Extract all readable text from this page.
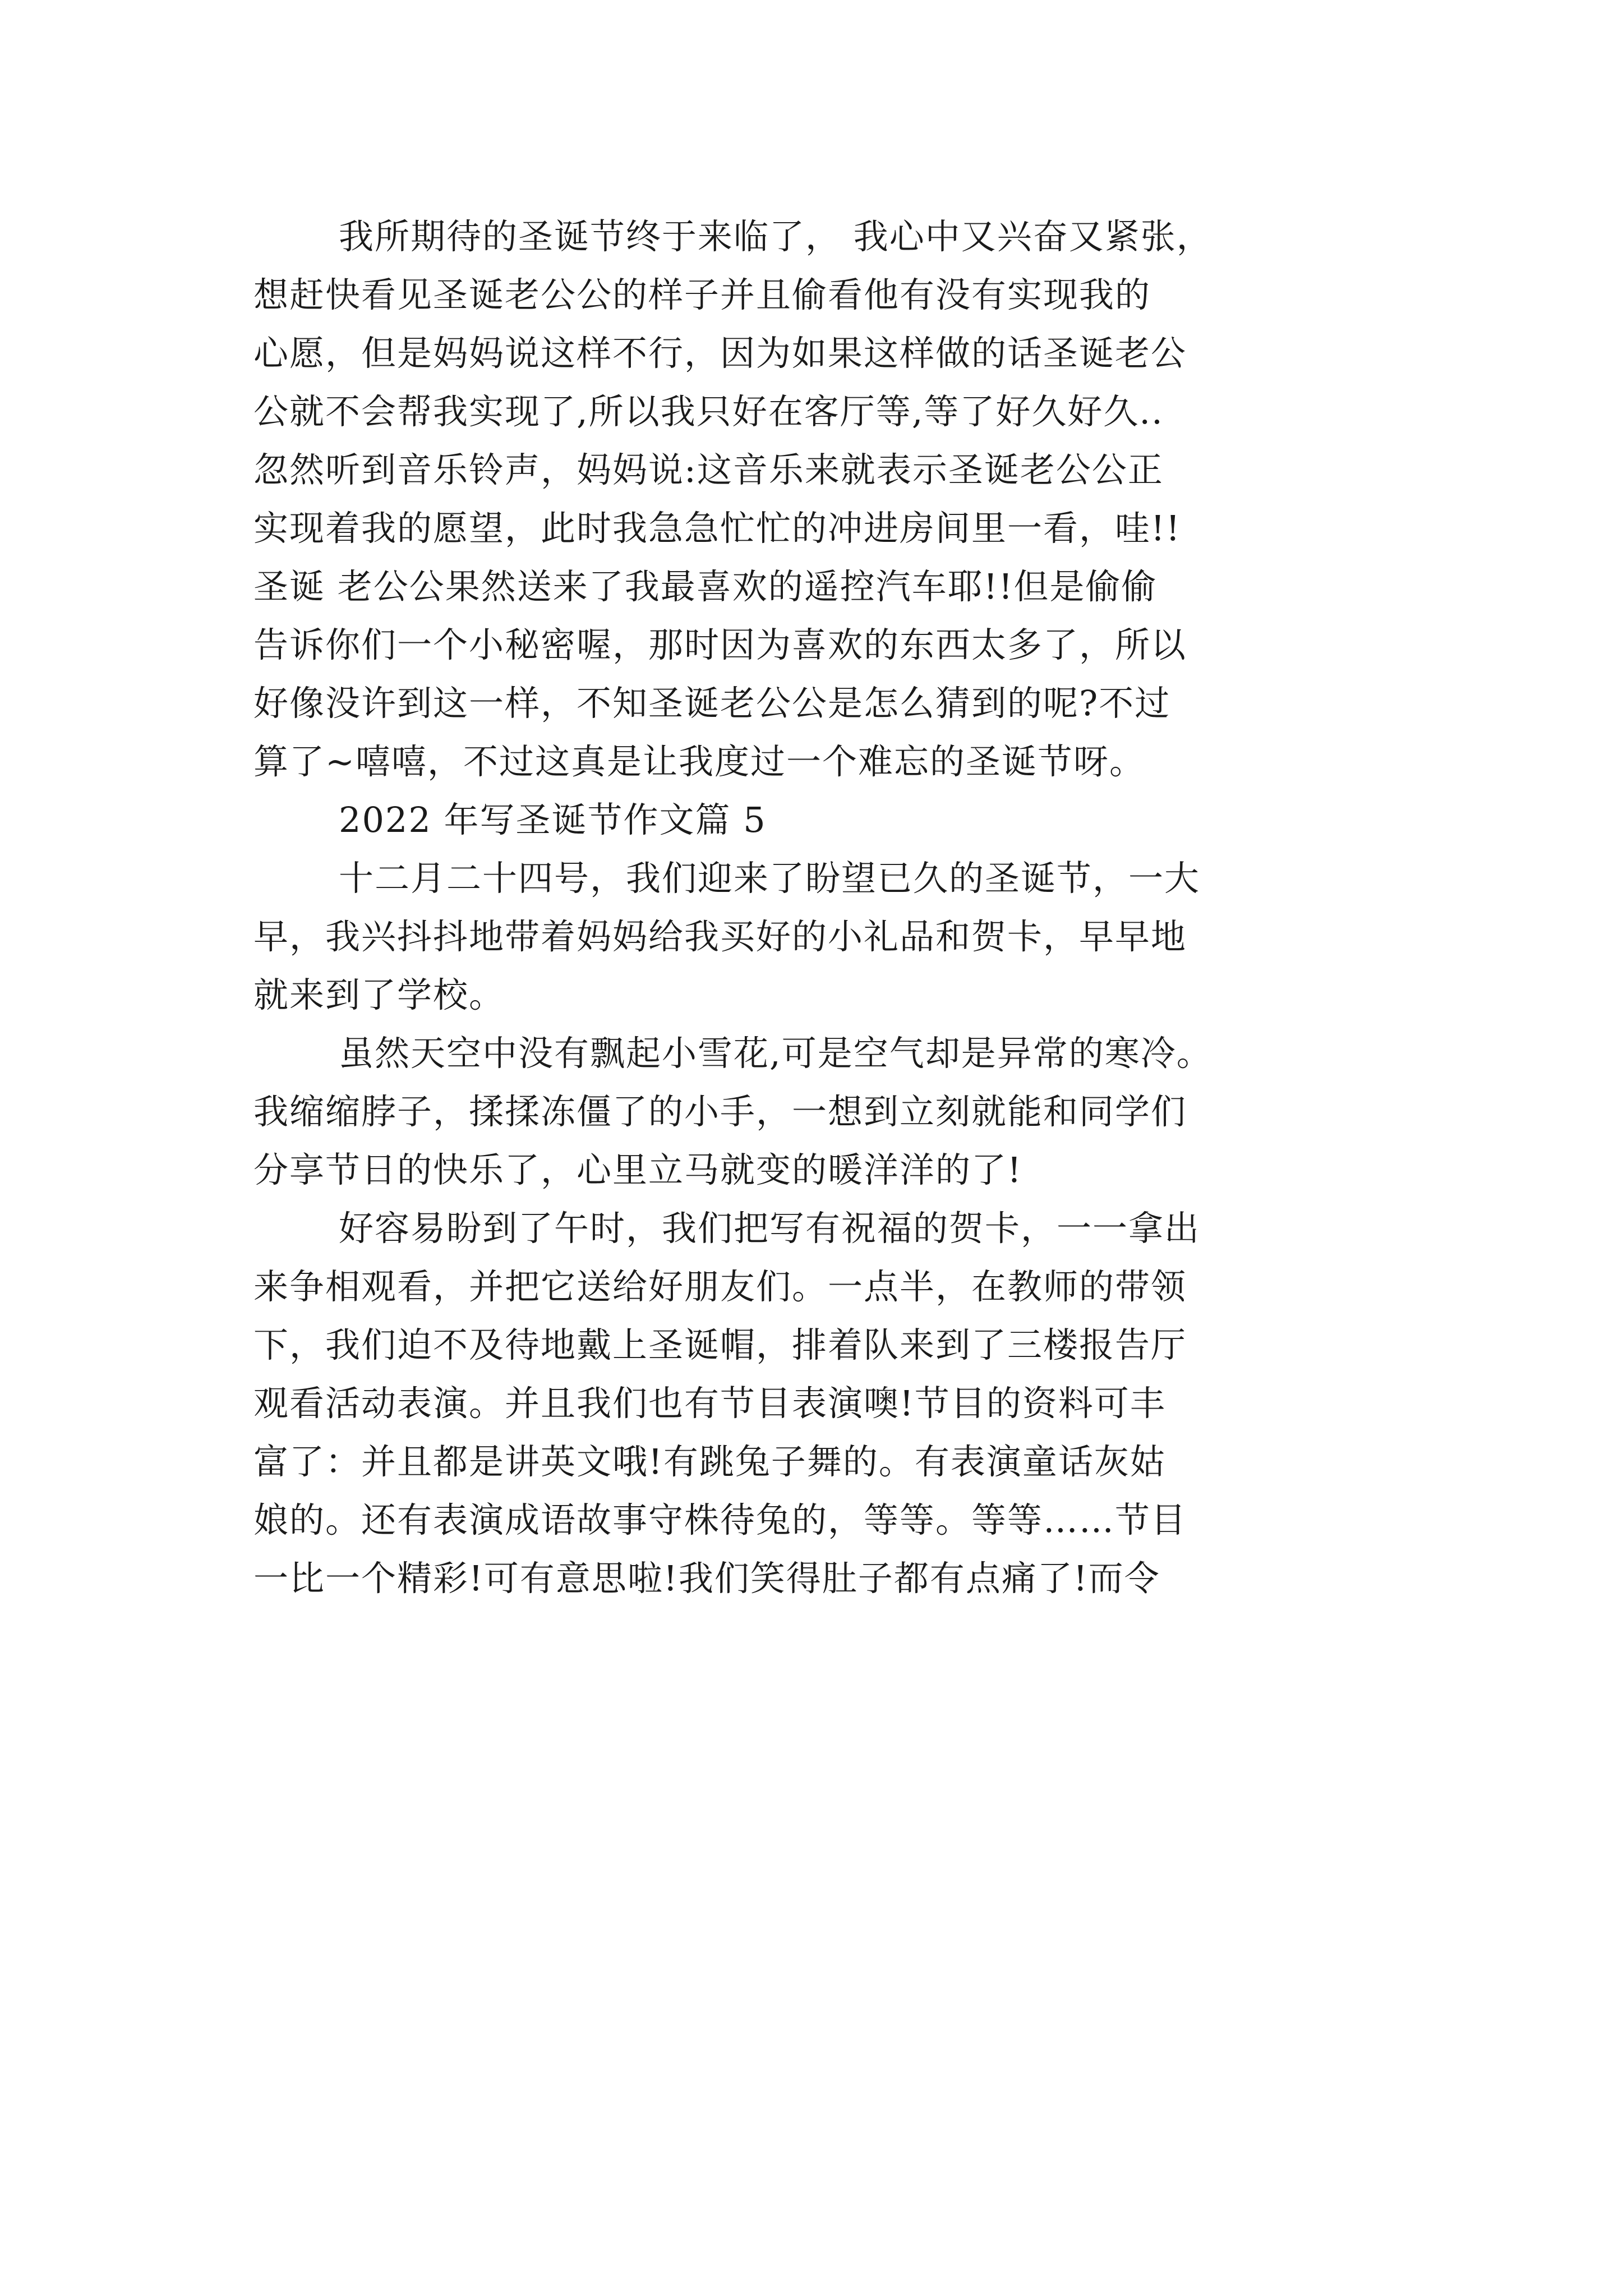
我所期待的圣诞节终于来临了， 我心中又兴奋又紧张，
想赶快看见圣诞老公公的样子并且偷看他有没有实现我的
心愿，但是妈妈说这样不行，因为如果这样做的话圣诞老公
公就不会帮我实现了,所以我只好在客厅等,等了好久好久..
忽然听到音乐铃声，妈妈说:这音乐来就表示圣诞老公公正
实现着我的愿望，此时我急急忙忙的冲进房间里一看，哇!!
圣诞 老公公果然送来了我最喜欢的遥控汽车耶!!但是偷偷
告诉你们一个小秘密喔，那时因为喜欢的东西太多了，所以
好像没许到这一样，不知圣诞老公公是怎么猜到的呢?不过
算了~嘻嘻，不过这真是让我度过一个难忘的圣诞节呀。
2022 年写圣诞节作文篇 5
十二月二十四号，我们迎来了盼望已久的圣诞节，一大
早，我兴抖抖地带着妈妈给我买好的小礼品和贺卡，早早地
就来到了学校。
虽然天空中没有飘起小雪花,可是空气却是异常的寒冷。
我缩缩脖子，揉揉冻僵了的小手，一想到立刻就能和同学们
分享节日的快乐了，心里立马就变的暖洋洋的了!
好容易盼到了午时，我们把写有祝福的贺卡，一一拿出
来争相观看，并把它送给好朋友们。一点半，在教师的带领
下，我们迫不及待地戴上圣诞帽，排着队来到了三楼报告厅
观看活动表演。并且我们也有节目表演噢!节目的资料可丰
富了：并且都是讲英文哦!有跳兔子舞的。有表演童话灰姑
娘的。还有表演成语故事守株待兔的，等等。等等……节目
一比一个精彩!可有意思啦!我们笑得肚子都有点痛了!而令
